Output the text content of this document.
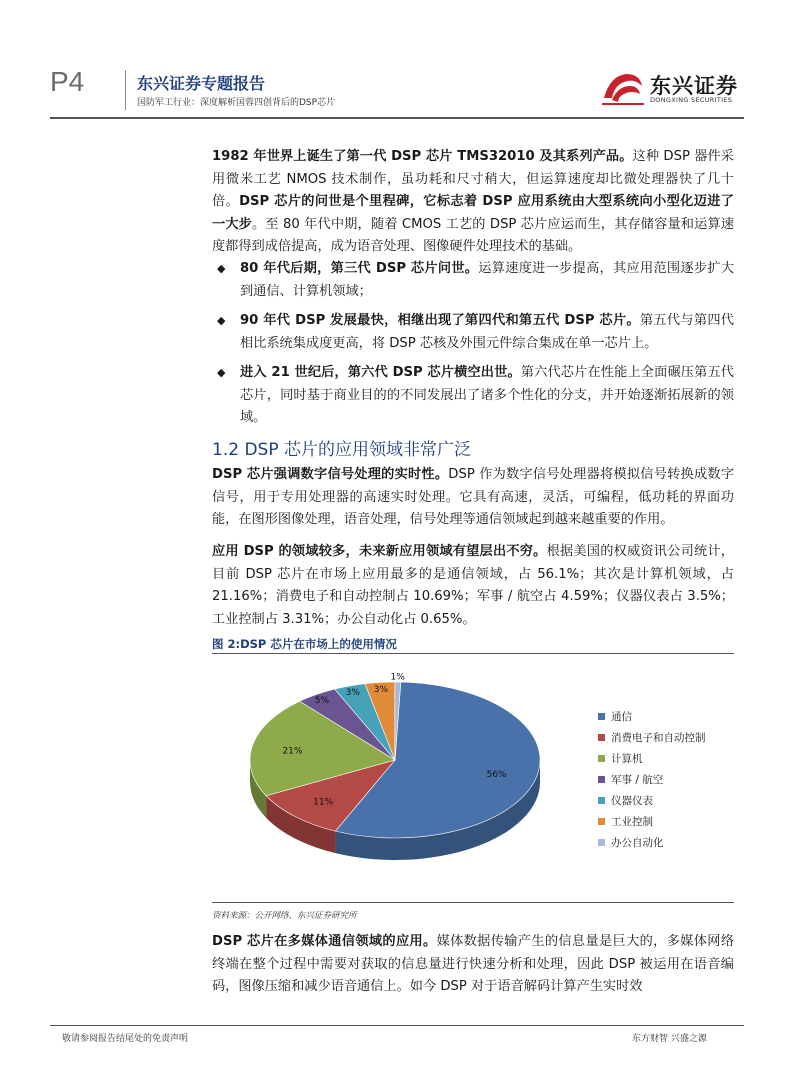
P4	东兴证券专题报告
国防军工行业：深度解析国蓉四创背后的DSP芯片
东兴证券
DONGXING SECURITIES
1982 年世界上诞生了第一代 DSP 芯片 TMS32010 及其系列产品。这种 DSP 器件采用微米工艺 NMOS 技术制作，虽功耗和尺寸稍大，但运算速度却比微处理器快了几十倍。DSP 芯片的问世是个里程碑，它标志着 DSP 应用系统由大型系统向小型化迈进了一大步。至 80 年代中期，随着 CMOS 工艺的 DSP 芯片应运而生，其存储容量和运算速度都得到成倍提高，成为语音处理、图像硬件处理技术的基础。
◆ 80 年代后期，第三代 DSP 芯片问世。运算速度进一步提高，其应用范围逐步扩大到通信、计算机领域；
◆ 90 年代 DSP 发展最快，相继出现了第四代和第五代 DSP 芯片。第五代与第四代相比系统集成度更高，将 DSP 芯核及外围元件综合集成在单一芯片上。
◆ 进入 21 世纪后，第六代 DSP 芯片横空出世。第六代芯片在性能上全面碾压第五代芯片，同时基于商业目的的不同发展出了诸多个性化的分支，并开始逐渐拓展新的领域。
1.2 DSP 芯片的应用领域非常广泛
DSP 芯片强调数字信号处理的实时性。DSP 作为数字信号处理器将模拟信号转换成数字信号，用于专用处理器的高速实时处理。它具有高速，灵活，可编程，低功耗的界面功能，在图形图像处理，语音处理，信号处理等通信领域起到越来越重要的作用。
应用 DSP 的领域较多，未来新应用领域有望层出不穷。根据美国的权威资讯公司统计，目前 DSP 芯片在市场上应用最多的是通信领域，占 56.1%；其次是计算机领域，占 21.16%；消费电子和自动控制占 10.69%；军事 / 航空占 4.59%；仪器仪表占 3.5%；工业控制占 3.31%；办公自动化占 0.65%。
图 2:DSP 芯片在市场上的使用情况
56%
11%
21%
5%
3% 3%
1%
通信
消费电子和自动控制
计算机
军事 / 航空
仪器仪表
工业控制
办公自动化
资料来源：公开网络、东兴证券研究所
DSP 芯片在多媒体通信领域的应用。媒体数据传输产生的信息量是巨大的，多媒体网络终端在整个过程中需要对获取的信息量进行快速分析和处理，因此 DSP 被运用在语音编码，图像压缩和减少语音通信上。如今 DSP 对于语音解码计算产生实时效
敬请参阅报告结尾处的免责声明	东方财智 兴盛之源
